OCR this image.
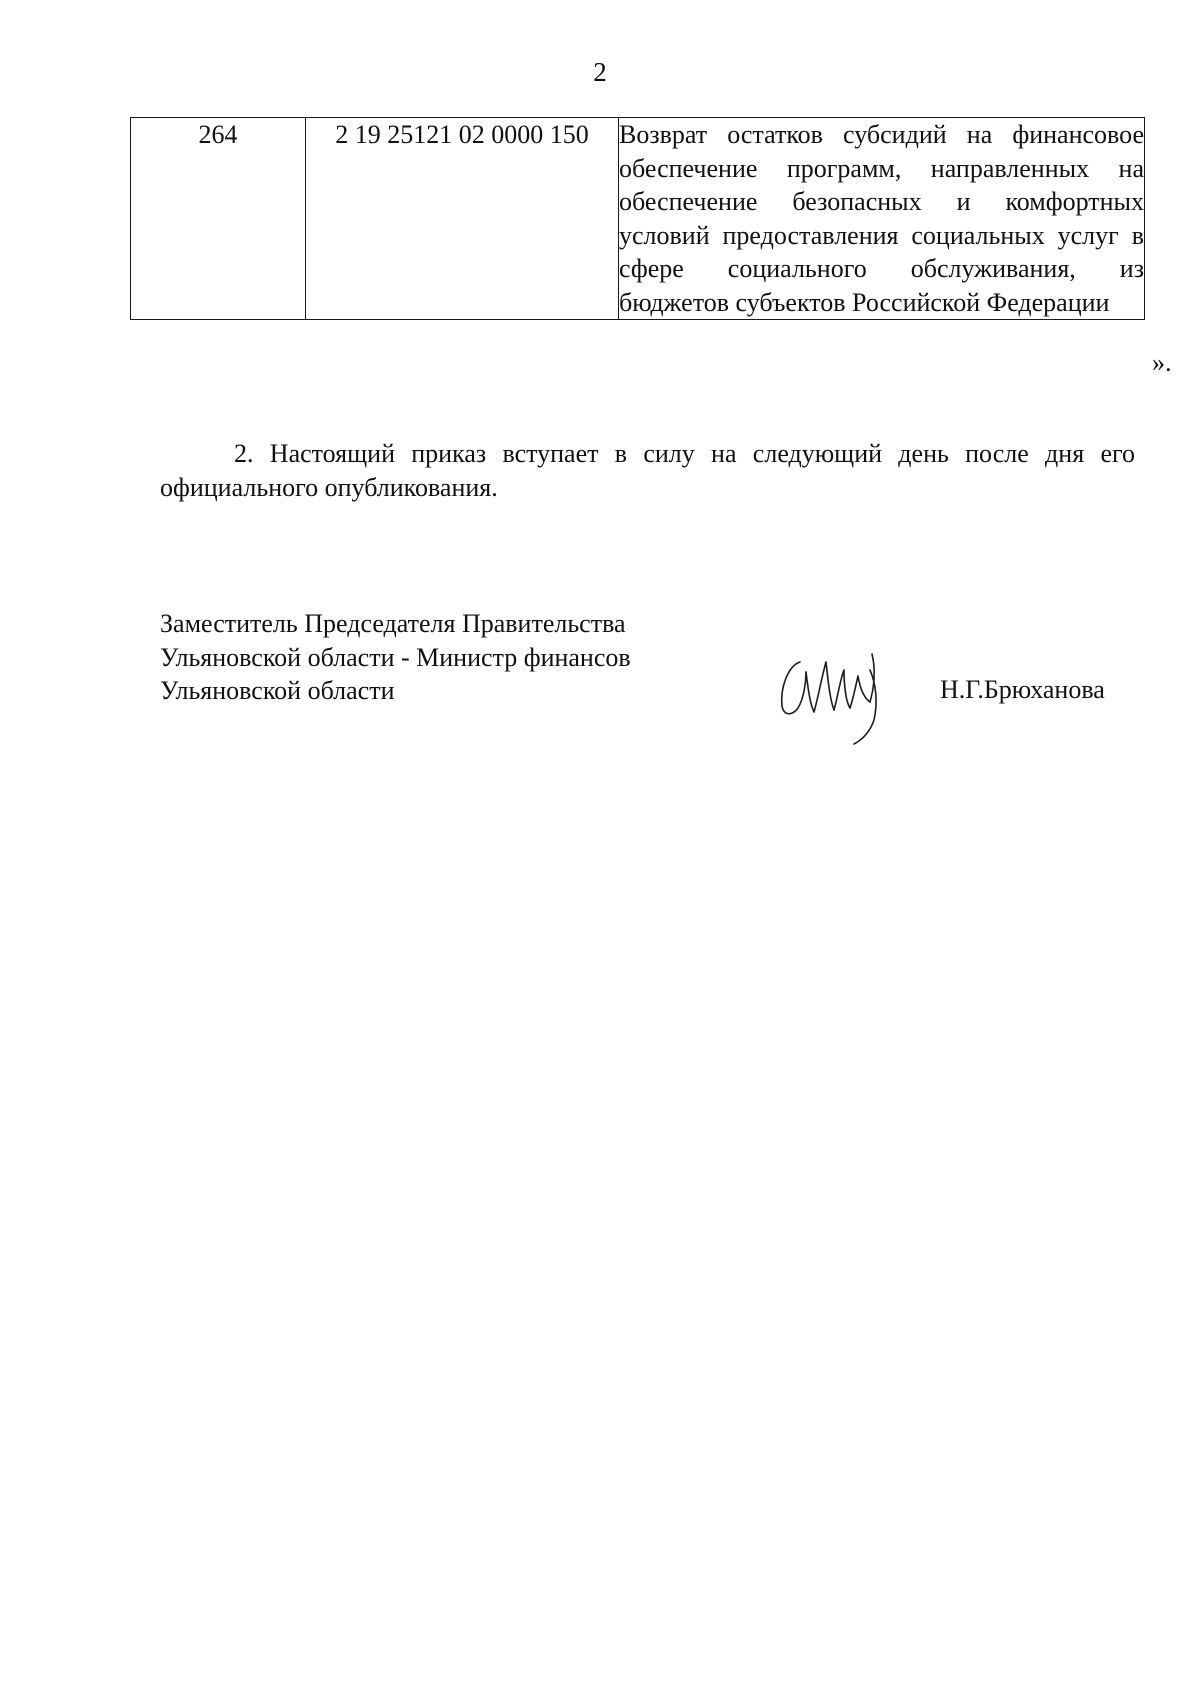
2
264	2 19 25121 02 0000 150	Возврат остатков субсидий на финансовое обеспечение программ, направленных на обеспечение безопасных и комфортных условий предоставления социальных услуг в сфере социального обслуживания, из бюджетов субъектов Российской Федерации
».
2. Настоящий приказ вступает в силу на следующий день после дня его официального опубликования.
Заместитель Председателя Правительства
Ульяновской области - Министр финансов
Ульяновской области	Н.Г.Брюханова
